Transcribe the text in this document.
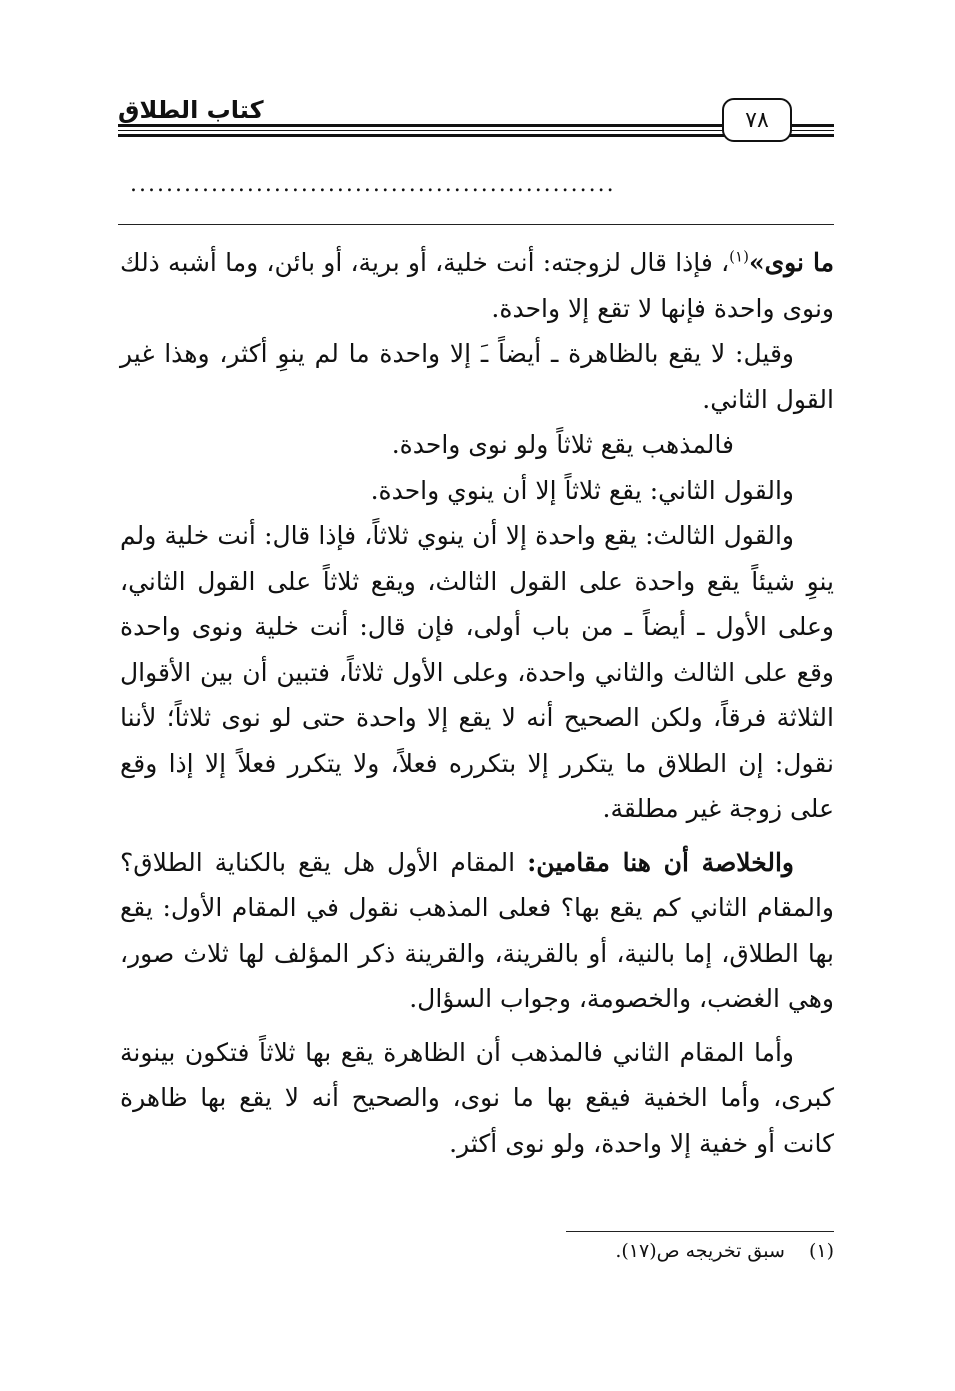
كتاب الطلاق	٧٨
......................................................

ما نوى»$^{(١)}$، فإذا قال لزوجته: أنت خلية، أو برية، أو بائن، وما أشبه ذلك ونوى واحدة فإنها لا تقع إلا واحدة.

وقيل: لا يقع بالظاهرة ـ أيضاً ـَ إلا واحدة ما لم ينوِ أكثر، وهذا غير القول الثاني.

فالمذهب يقع ثلاثاً ولو نوى واحدة.

والقول الثاني: يقع ثلاثاً إلا أن ينوي واحدة.

والقول الثالث: يقع واحدة إلا أن ينوي ثلاثاً، فإذا قال: أنت خلية ولم ينوِ شيئاً يقع واحدة على القول الثالث، ويقع ثلاثاً على القول الثاني، وعلى الأول ـ أيضاً ـ من باب أولى، فإن قال: أنت خلية ونوى واحدة وقع على الثالث والثاني واحدة، وعلى الأول ثلاثاً، فتبين أن بين الأقوال الثلاثة فرقاً، ولكن الصحيح أنه لا يقع إلا واحدة حتى لو نوى ثلاثاً؛ لأننا نقول: إن الطلاق ما يتكرر إلا بتكرره فعلاً، ولا يتكرر فعلاً إلا إذا وقع على زوجة غير مطلقة.

والخلاصة أن هنا مقامين: المقام الأول هل يقع بالكناية الطلاق؟ والمقام الثاني كم يقع بها؟ فعلى المذهب نقول في المقام الأول: يقع بها الطلاق، إما بالنية، أو بالقرينة، والقرينة ذكر المؤلف لها ثلاث صور، وهي الغضب، والخصومة، وجواب السؤال.

وأما المقام الثاني فالمذهب أن الظاهرة يقع بها ثلاثاً فتكون بينونة كبرى، وأما الخفية فيقع بها ما نوى، والصحيح أنه لا يقع بها ظاهرة كانت أو خفية إلا واحدة، ولو نوى أكثر.

(١)سبق تخريجه ص(١٧).
